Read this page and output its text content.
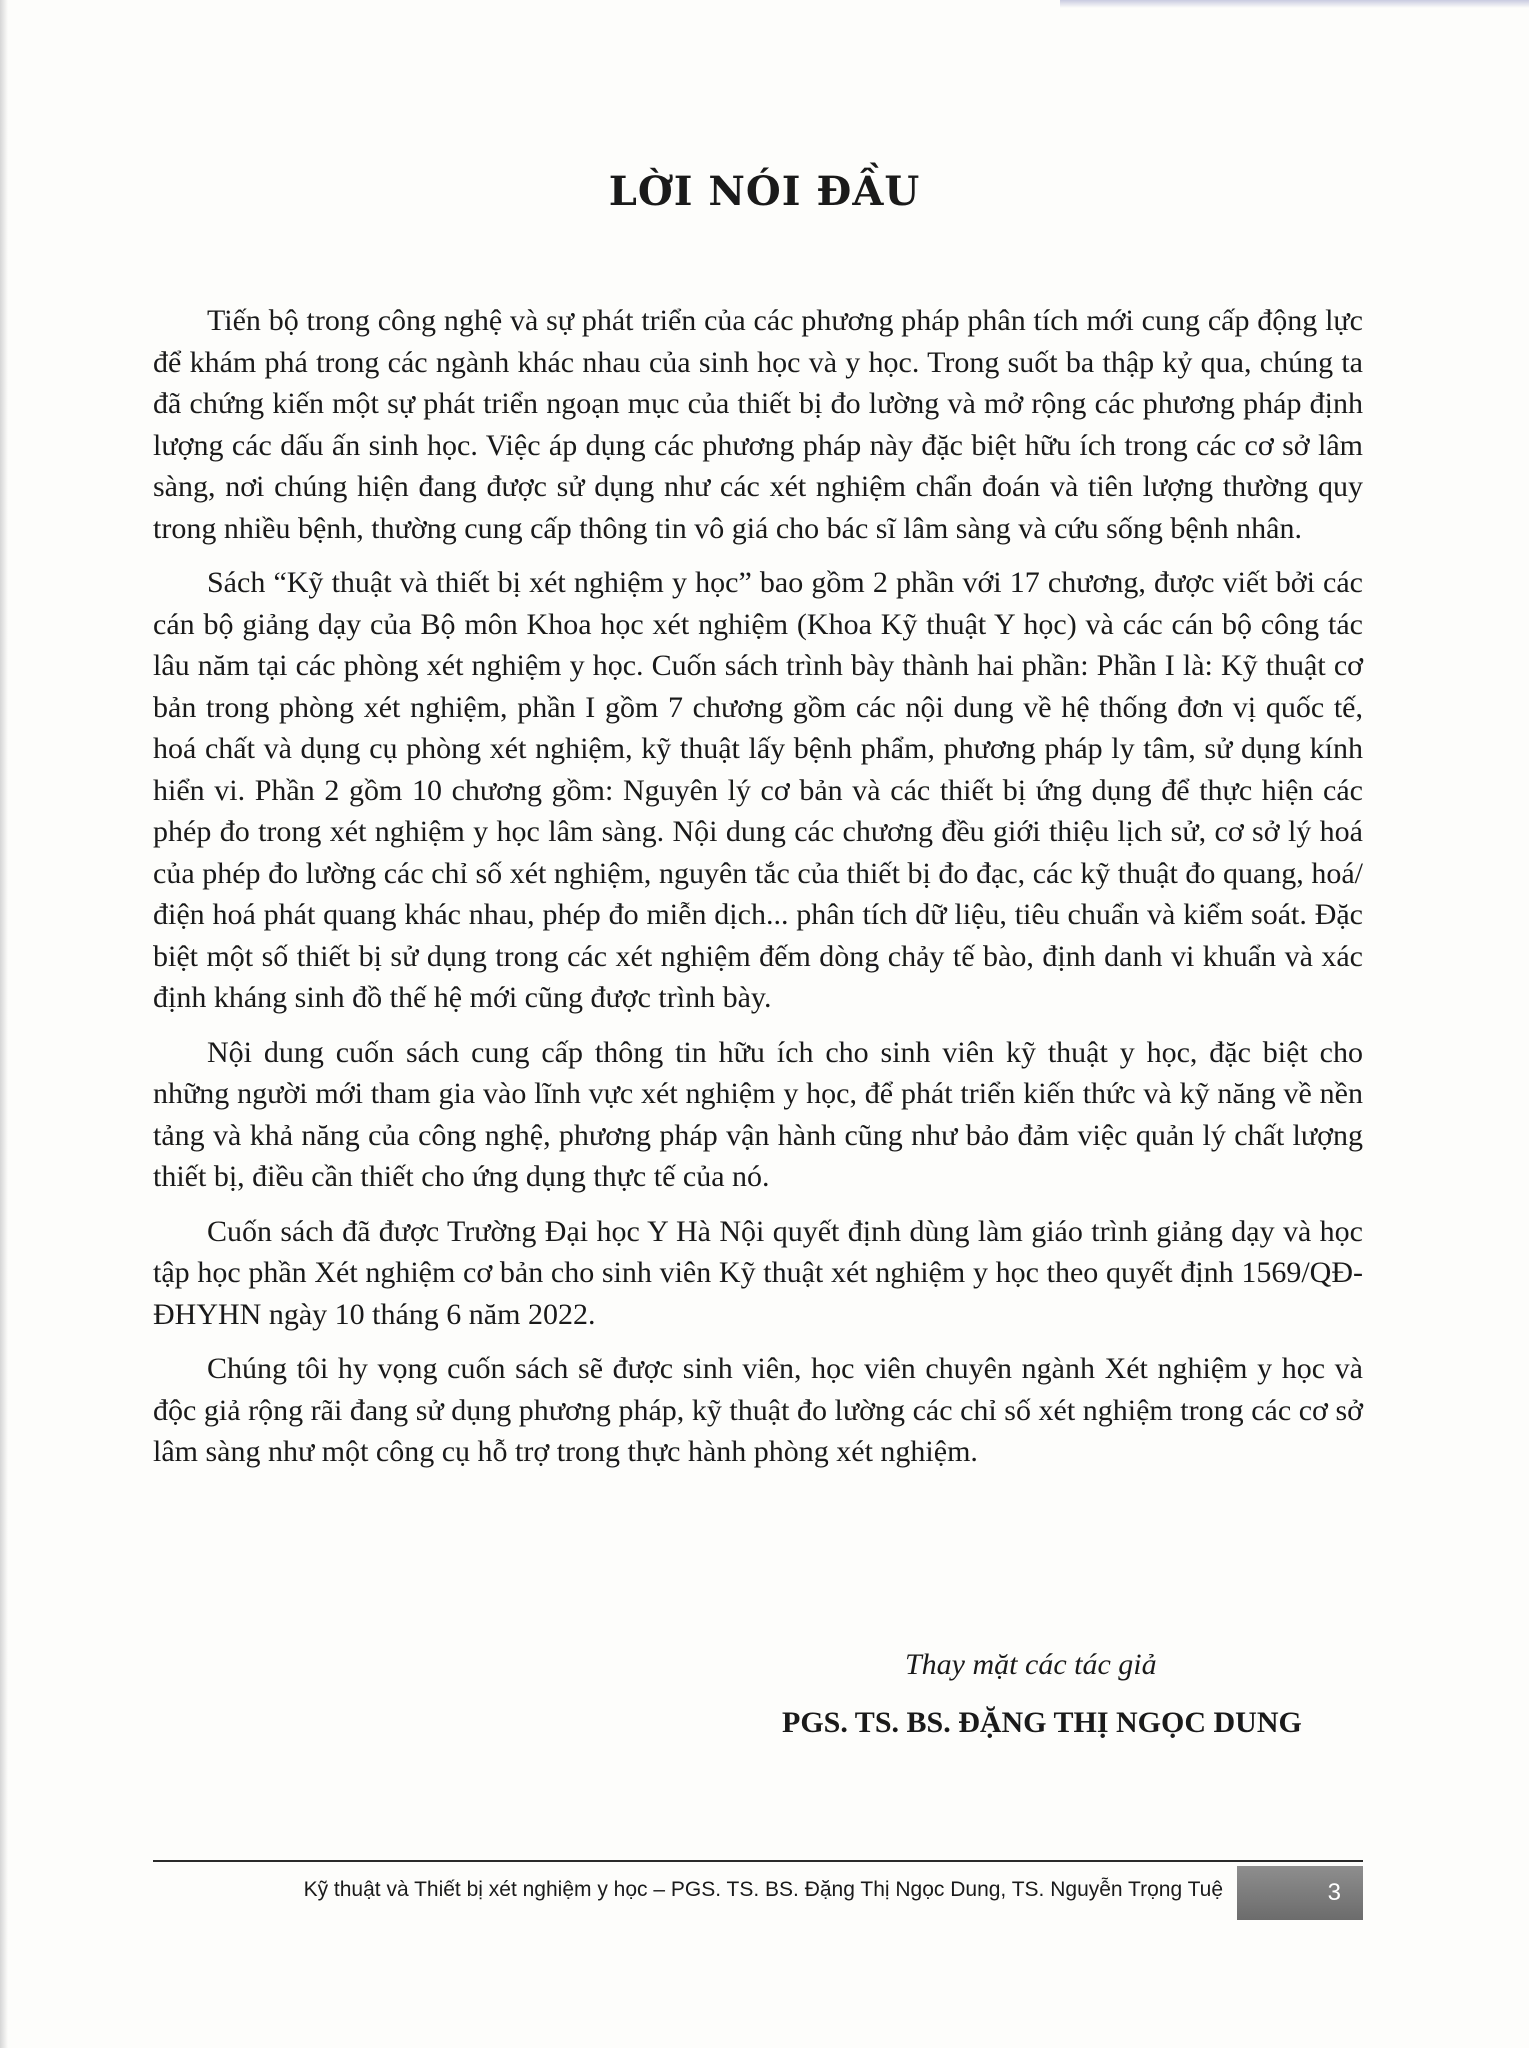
LỜI NÓI ĐẦU

Tiến bộ trong công nghệ và sự phát triển của các phương pháp phân tích mới cung cấp động lực để khám phá trong các ngành khác nhau của sinh học và y học. Trong suốt ba thập kỷ qua, chúng ta đã chứng kiến một sự phát triển ngoạn mục của thiết bị đo lường và mở rộng các phương pháp định lượng các dấu ấn sinh học. Việc áp dụng các phương pháp này đặc biệt hữu ích trong các cơ sở lâm sàng, nơi chúng hiện đang được sử dụng như các xét nghiệm chẩn đoán và tiên lượng thường quy trong nhiều bệnh, thường cung cấp thông tin vô giá cho bác sĩ lâm sàng và cứu sống bệnh nhân.

Sách “Kỹ thuật và thiết bị xét nghiệm y học” bao gồm 2 phần với 17 chương, được viết bởi các cán bộ giảng dạy của Bộ môn Khoa học xét nghiệm (Khoa Kỹ thuật Y học) và các cán bộ công tác lâu năm tại các phòng xét nghiệm y học. Cuốn sách trình bày thành hai phần: Phần I là: Kỹ thuật cơ bản trong phòng xét nghiệm, phần I gồm 7 chương gồm các nội dung về hệ thống đơn vị quốc tế, hoá chất và dụng cụ phòng xét nghiệm, kỹ thuật lấy bệnh phẩm, phương pháp ly tâm, sử dụng kính hiển vi. Phần 2 gồm 10 chương gồm: Nguyên lý cơ bản và các thiết bị ứng dụng để thực hiện các phép đo trong xét nghiệm y học lâm sàng. Nội dung các chương đều giới thiệu lịch sử, cơ sở lý hoá của phép đo lường các chỉ số xét nghiệm, nguyên tắc của thiết bị đo đạc, các kỹ thuật đo quang, hoá/điện hoá phát quang khác nhau, phép đo miễn dịch... phân tích dữ liệu, tiêu chuẩn và kiểm soát. Đặc biệt một số thiết bị sử dụng trong các xét nghiệm đếm dòng chảy tế bào, định danh vi khuẩn và xác định kháng sinh đồ thế hệ mới cũng được trình bày.

Nội dung cuốn sách cung cấp thông tin hữu ích cho sinh viên kỹ thuật y học, đặc biệt cho những người mới tham gia vào lĩnh vực xét nghiệm y học, để phát triển kiến thức và kỹ năng về nền tảng và khả năng của công nghệ, phương pháp vận hành cũng như bảo đảm việc quản lý chất lượng thiết bị, điều cần thiết cho ứng dụng thực tế của nó.

Cuốn sách đã được Trường Đại học Y Hà Nội quyết định dùng làm giáo trình giảng dạy và học tập học phần Xét nghiệm cơ bản cho sinh viên Kỹ thuật xét nghiệm y học theo quyết định 1569/QĐ-ĐHYHN ngày 10 tháng 6 năm 2022.

Chúng tôi hy vọng cuốn sách sẽ được sinh viên, học viên chuyên ngành Xét nghiệm y học và độc giả rộng rãi đang sử dụng phương pháp, kỹ thuật đo lường các chỉ số xét nghiệm trong các cơ sở lâm sàng như một công cụ hỗ trợ trong thực hành phòng xét nghiệm.

Thay mặt các tác giả
PGS. TS. BS. ĐẶNG THỊ NGỌC DUNG
Kỹ thuật và Thiết bị xét nghiệm y học – PGS. TS. BS. Đặng Thị Ngọc Dung, TS. Nguyễn Trọng Tuệ	3
